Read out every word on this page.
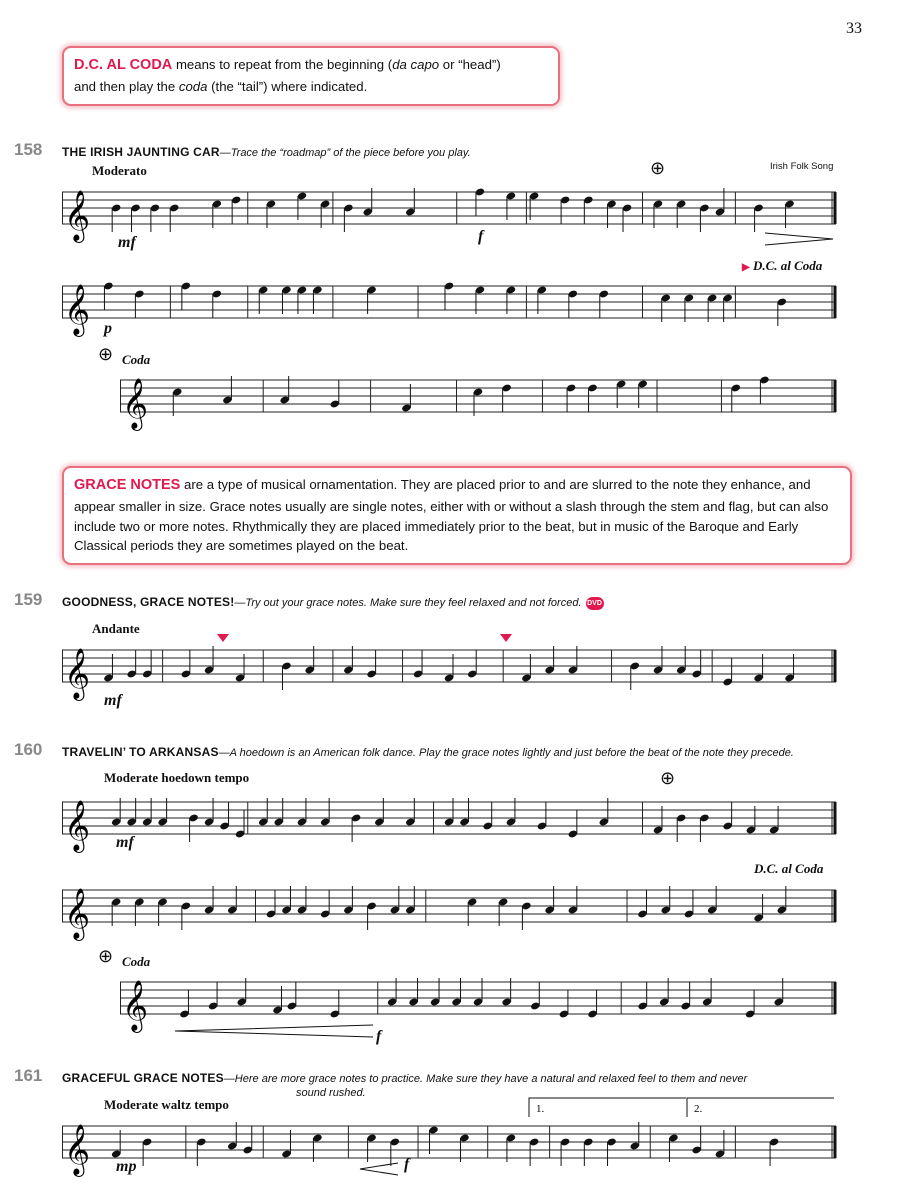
33
D.C. AL CODA means to repeat from the beginning (da capo or “head”)
and then play the coda (the “tail”) where indicated.
158 THE IRISH JAUNTING CAR—Trace the “roadmap” of the piece before you play.
Irish Folk Song
Moderato	⊕
𝄞
mf	f
▶ D.C. al Coda
𝄞 p
⊕ Coda
𝄞
GRACE NOTES are a type of musical ornamentation. They are placed prior to and are slurred to the note they enhance, and appear smaller in size. Grace notes usually are single notes, either with or without a slash through the stem and flag, but can also include two or more notes. Rhythmically they are placed immediately prior to the beat, but in music of the Baroque and Early Classical periods they are sometimes played on the beat.
159 GOODNESS, GRACE NOTES!—Try out your grace notes. Make sure they feel relaxed and not forced. DVD
Andante
𝄞
mf
160 TRAVELIN’ TO ARKANSAS—A hoedown is an American folk dance. Play the grace notes lightly and just before the beat of the note they precede.
Moderate hoedown tempo	⊕
𝄞 mf
D.C. al Coda
𝄞
⊕ Coda
𝄞
f
161 GRACEFUL GRACE NOTES—Here are more grace notes to practice. Make sure they have a natural and relaxed feel to them and never
sound rushed.
Moderate waltz tempo	1.	2.
𝄞 mp	f
